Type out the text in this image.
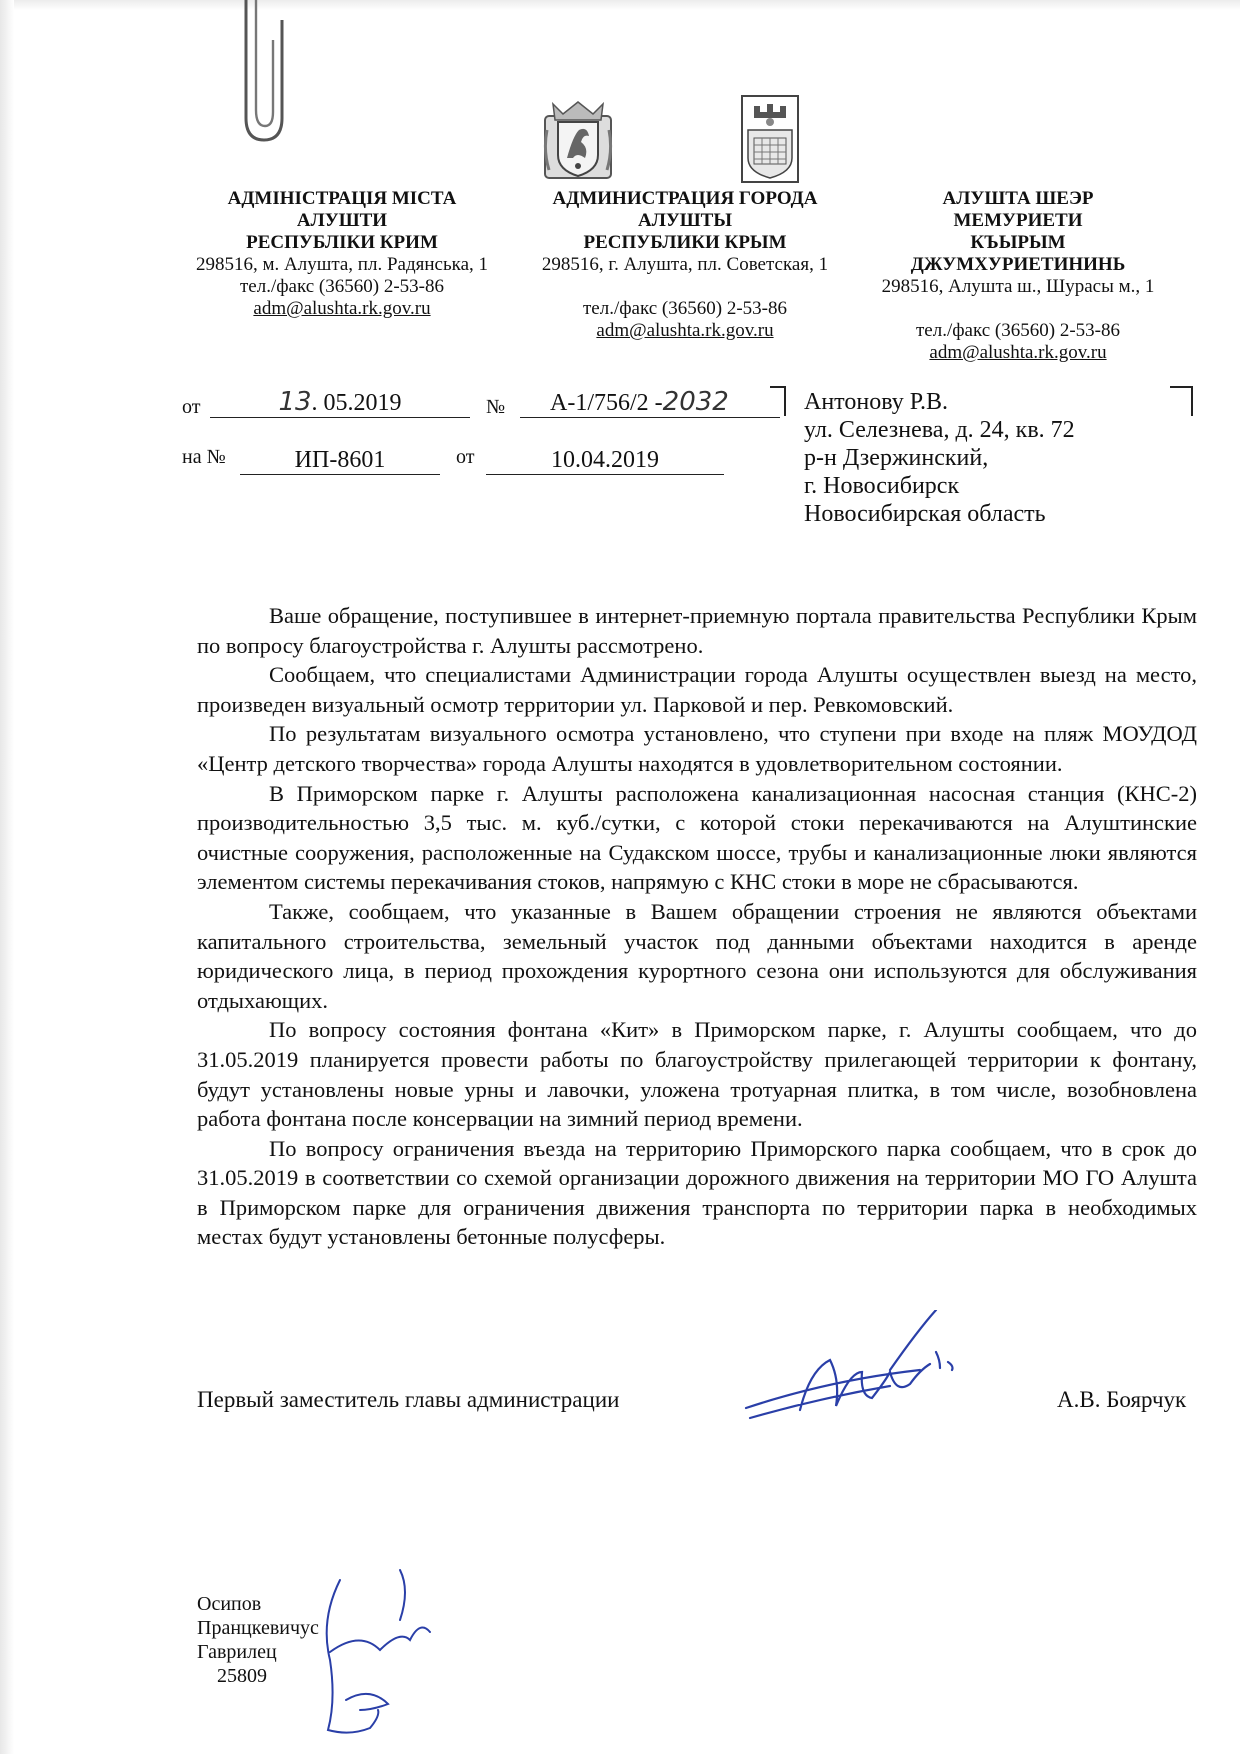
АДМІНІСТРАЦІЯ МІСТА
АЛУШТИ
РЕСПУБЛІКИ КРИМ
298516, м. Алушта, пл. Радянська, 1
тел./факс (36560) 2-53-86
adm@alushta.rk.gov.ru
АДМИНИСТРАЦИЯ ГОРОДА
АЛУШТЫ
РЕСПУБЛИКИ КРЫМ
298516, г. Алушта, пл. Советская, 1
тел./факс (36560) 2-53-86
adm@alushta.rk.gov.ru
АЛУШТА ШЕЭР
МЕМУРИЕТИ
КЪЫРЫМ ДЖУМХУРИЕТИНИНЬ
298516, Алушта ш., Шурасы м., 1
тел./факс (36560) 2-53-86
adm@alushta.rk.gov.ru
от	13. 05.2019	№	А-1/756/2 -2032
на №	ИП-8601	от	10.04.2019
Антонову Р.В.
ул. Селезнева, д. 24, кв. 72
р-н Дзержинский,
г. Новосибирск
Новосибирская область

Ваше обращение, поступившее в интернет-приемную портала правительства Республики Крым по вопросу благоустройства г. Алушты рассмотрено.

Сообщаем, что специалистами Администрации города Алушты осуществлен выезд на место, произведен визуальный осмотр территории ул. Парковой и пер. Ревкомовский.

По результатам визуального осмотра установлено, что ступени при входе на пляж МОУДОД «Центр детского творчества» города Алушты находятся в удовлетворительном состоянии.

В Приморском парке г. Алушты расположена канализационная насосная станция (КНС-2) производительностью 3,5 тыс. м. куб./сутки, с которой стоки перекачиваются на Алуштинские очистные сооружения, расположенные на Судакском шоссе, трубы и канализационные люки являются элементом системы перекачивания стоков, напрямую с КНС стоки в море не сбрасываются.

Также, сообщаем, что указанные в Вашем обращении строения не являются объектами капитального строительства, земельный участок под данными объектами находится в аренде юридического лица, в период прохождения курортного сезона они используются для обслуживания отдыхающих.

По вопросу состояния фонтана «Кит» в Приморском парке, г. Алушты сообщаем, что до 31.05.2019 планируется провести работы по благоустройству прилегающей территории к фонтану, будут установлены новые урны и лавочки, уложена тротуарная плитка, в том числе, возобновлена работа фонтана после консервации на зимний период времени.

По вопросу ограничения въезда на территорию Приморского парка сообщаем, что в срок до 31.05.2019 в соответствии со схемой организации дорожного движения на территории МО ГО Алушта в Приморском парке для ограничения движения транспорта по территории парка в необходимых местах будут установлены бетонные полусферы.

Первый заместитель главы администрации	А.В. Боярчук
Осипов
Пранцкевичус
Гаврилец
25809
